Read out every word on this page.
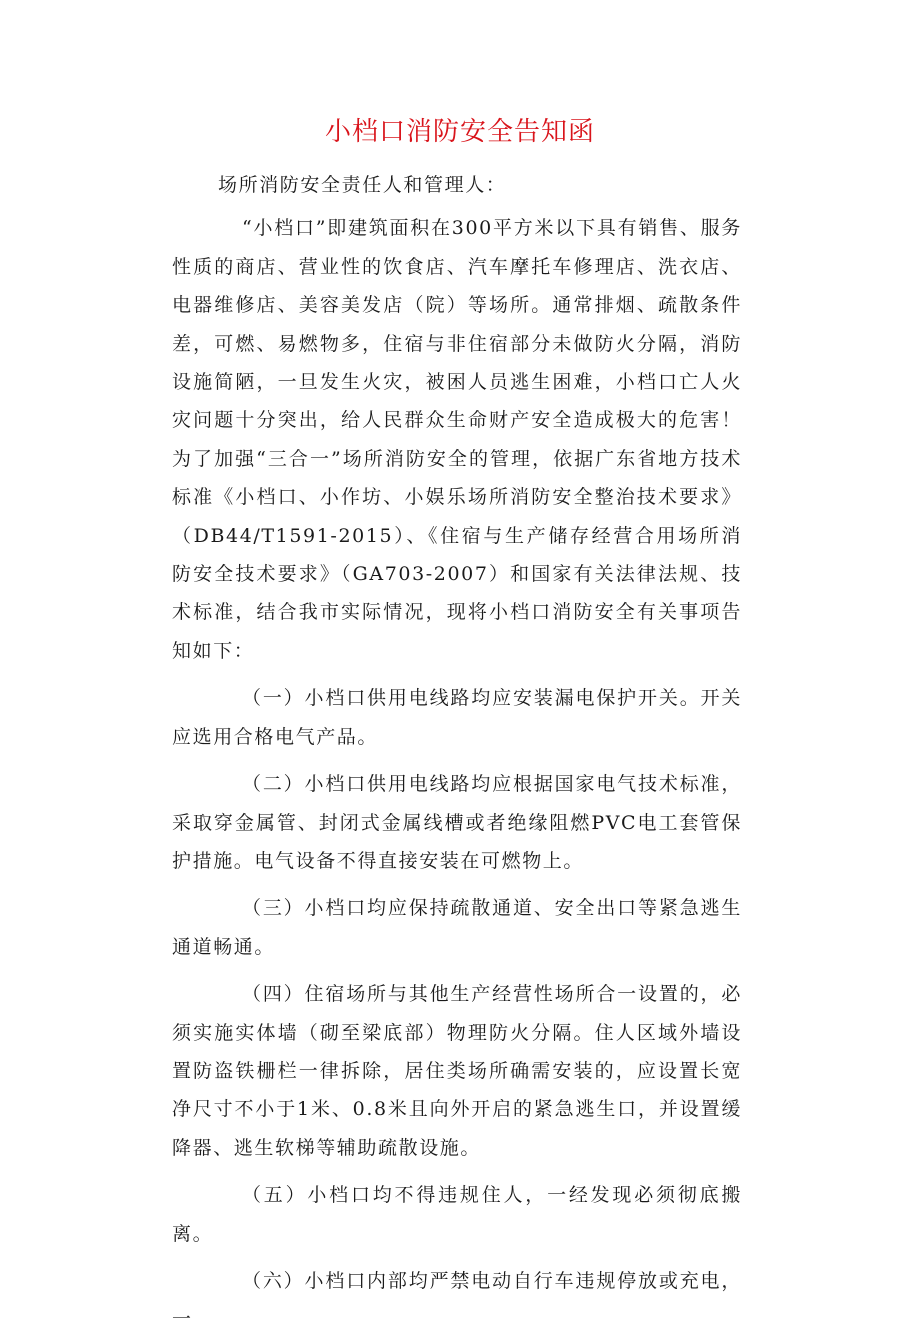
小档口消防安全告知函

场所消防安全责任人和管理人：

“小档口”即建筑面积在300平方米以下具有销售、服务性质的商店、营业性的饮食店、汽车摩托车修理店、洗衣店、电器维修店、美容美发店（院）等场所。通常排烟、疏散条件差，可燃、易燃物多，住宿与非住宿部分未做防火分隔，消防设施简陋，一旦发生火灾，被困人员逃生困难，小档口亡人火灾问题十分突出，给人民群众生命财产安全造成极大的危害！为了加强“三合一”场所消防安全的管理，依据广东省地方技术标准《小档口、小作坊、小娱乐场所消防安全整治技术要求》（DB44/T1591-2015）、《住宿与生产储存经营合用场所消防安全技术要求》（GA703-2007）和国家有关法律法规、技术标准，结合我市实际情况，现将小档口消防安全有关事项告知如下：

（一）小档口供用电线路均应安装漏电保护开关。开关应选用合格电气产品。

（二）小档口供用电线路均应根据国家电气技术标准，采取穿金属管、封闭式金属线槽或者绝缘阻燃PVC电工套管保护措施。电气设备不得直接安装在可燃物上。

（三）小档口均应保持疏散通道、安全出口等紧急逃生通道畅通。

（四）住宿场所与其他生产经营性场所合一设置的，必须实施实体墙（砌至梁底部）物理防火分隔。住人区域外墙设置防盗铁栅栏一律拆除，居住类场所确需安装的，应设置长宽净尺寸不小于1米、0.8米且向外开启的紧急逃生口，并设置缓降器、逃生软梯等辅助疏散设施。

（五）小档口均不得违规住人，一经发现必须彻底搬离。

（六）小档口内部均严禁电动自行车违规停放或充电，一
